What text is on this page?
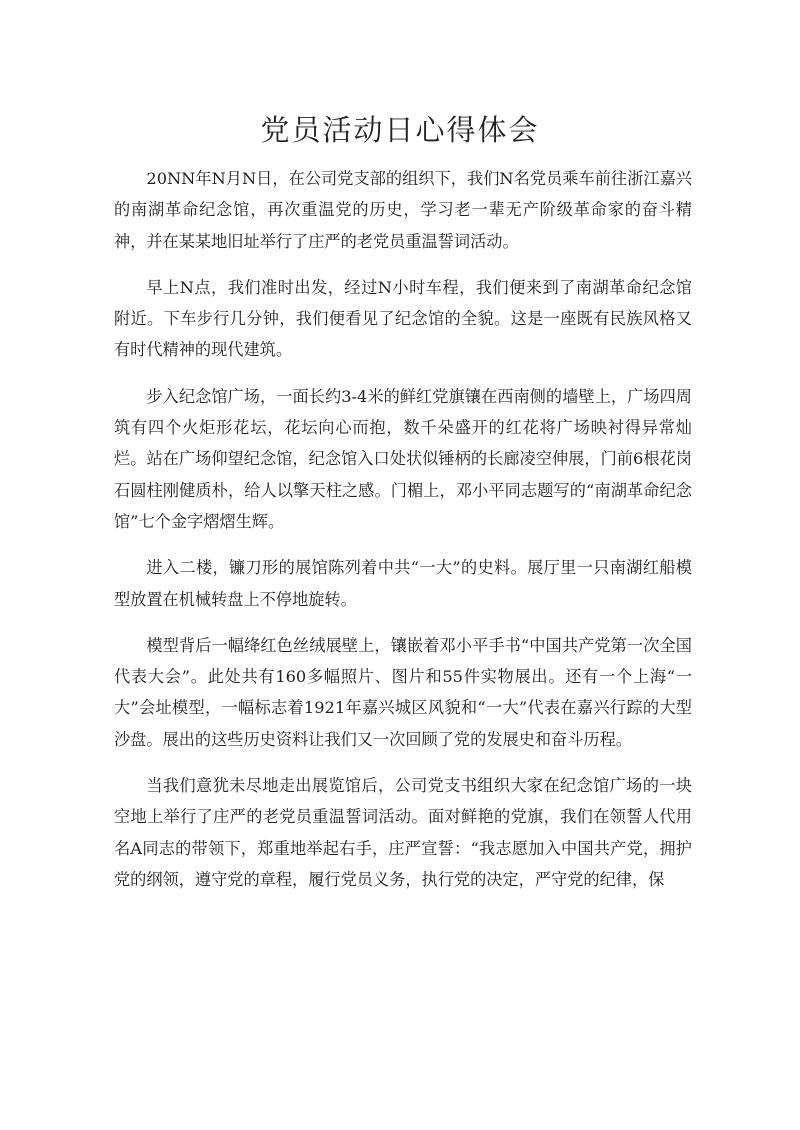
党员活动日心得体会

20NN年N月N日，在公司党支部的组织下，我们N名党员乘车前往浙江嘉兴的南湖革命纪念馆，再次重温党的历史，学习老一辈无产阶级革命家的奋斗精神，并在某某地旧址举行了庄严的老党员重温誓词活动。

早上N点，我们准时出发，经过N小时车程，我们便来到了南湖革命纪念馆附近。下车步行几分钟，我们便看见了纪念馆的全貌。这是一座既有民族风格又有时代精神的现代建筑。

步入纪念馆广场，一面长约3-4米的鲜红党旗镶在西南侧的墙壁上，广场四周筑有四个火炬形花坛，花坛向心而抱，数千朵盛开的红花将广场映衬得异常灿烂。站在广场仰望纪念馆，纪念馆入口处状似锤柄的长廊凌空伸展，门前6根花岗石圆柱刚健质朴，给人以擎天柱之感。门楣上，邓小平同志题写的“南湖革命纪念馆”七个金字熠熠生辉。

进入二楼，镰刀形的展馆陈列着中共“一大”的史料。展厅里一只南湖红船模型放置在机械转盘上不停地旋转。

模型背后一幅绛红色丝绒展壁上，镶嵌着邓小平手书“中国共产党第一次全国代表大会”。此处共有160多幅照片、图片和55件实物展出。还有一个上海“一大”会址模型，一幅标志着1921年嘉兴城区风貌和“一大”代表在嘉兴行踪的大型沙盘。展出的这些历史资料让我们又一次回顾了党的发展史和奋斗历程。

当我们意犹未尽地走出展览馆后，公司党支书组织大家在纪念馆广场的一块空地上举行了庄严的老党员重温誓词活动。面对鲜艳的党旗，我们在领誓人代用名A同志的带领下，郑重地举起右手，庄严宣誓：“我志愿加入中国共产党，拥护党的纲领，遵守党的章程，履行党员义务，执行党的决定，严守党的纪律，保
